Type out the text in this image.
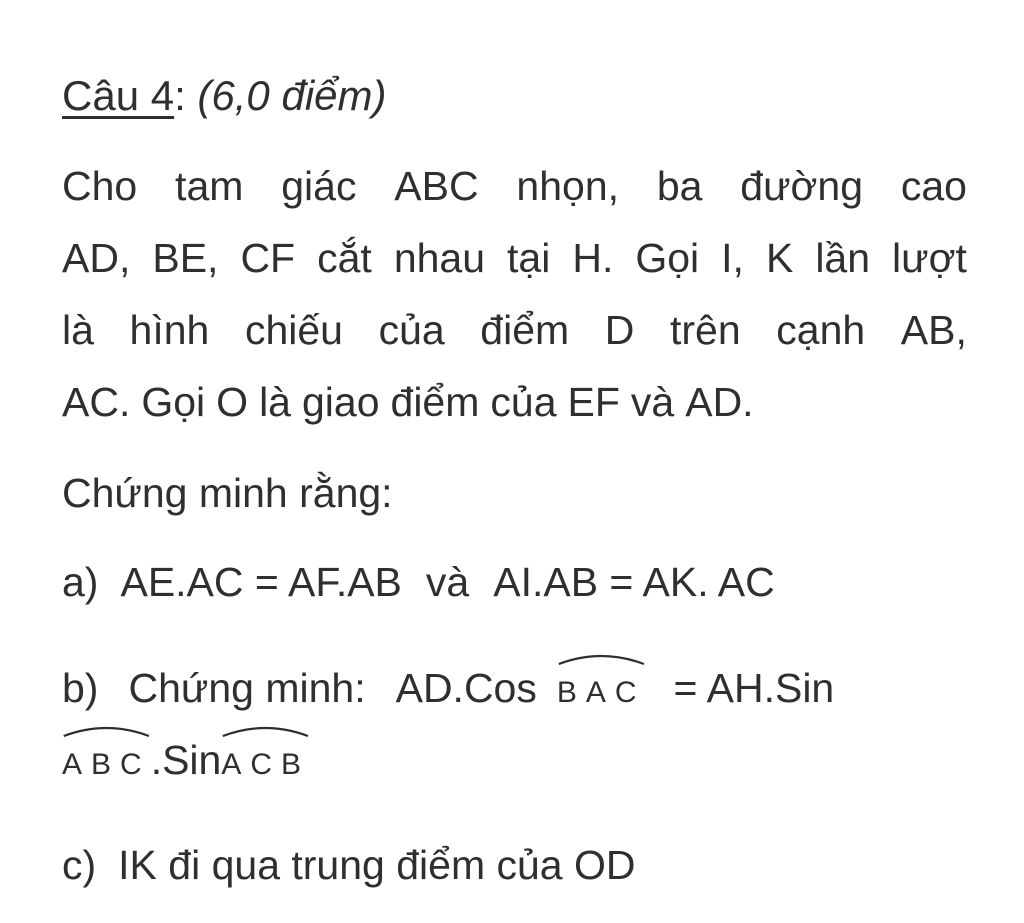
Câu 4: (6,0 điểm)
Cho tam giác ABC nhọn, ba đường cao
AD, BE, CF cắt nhau tại H. Gọi I, K lần lượt
là hình chiếu của điểm D trên cạnh AB,
AC. Gọi O là giao điểm của EF và AD.
Chứng minh rằng:
a) AE.AC = AF.AB và AI.AB = AK. AC
b) Chứng minh: AD.Cos BAC = AH.Sin
ABC.Sin
ACB
c) IK đi qua trung điểm của OD
